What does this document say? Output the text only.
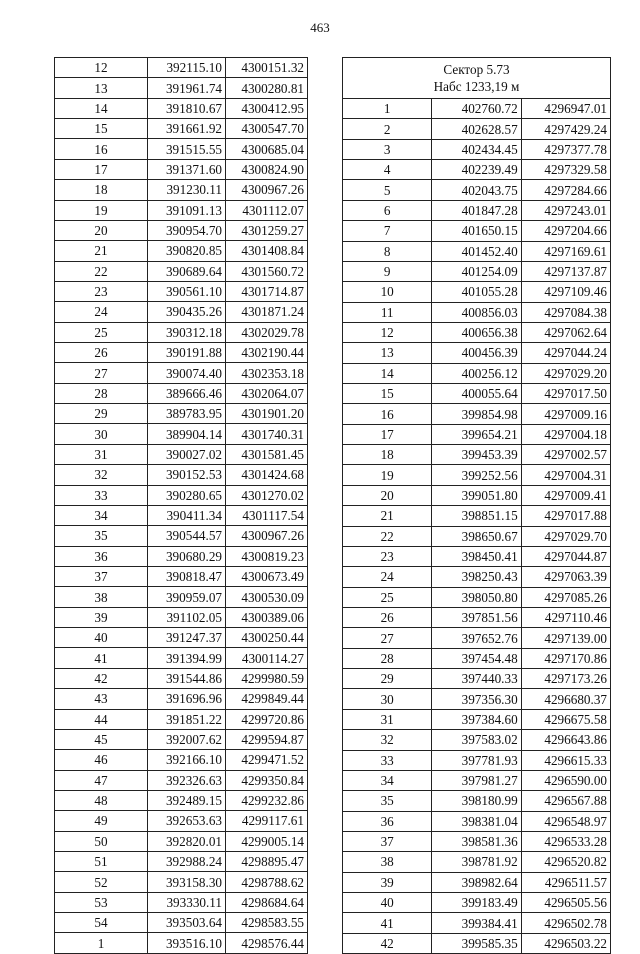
463
12	392115.10	4300151.32
13	391961.74	4300280.81
14	391810.67	4300412.95
15	391661.92	4300547.70
16	391515.55	4300685.04
17	391371.60	4300824.90
18	391230.11	4300967.26
19	391091.13	4301112.07
20	390954.70	4301259.27
21	390820.85	4301408.84
22	390689.64	4301560.72
23	390561.10	4301714.87
24	390435.26	4301871.24
25	390312.18	4302029.78
26	390191.88	4302190.44
27	390074.40	4302353.18
28	389666.46	4302064.07
29	389783.95	4301901.20
30	389904.14	4301740.31
31	390027.02	4301581.45
32	390152.53	4301424.68
33	390280.65	4301270.02
34	390411.34	4301117.54
35	390544.57	4300967.26
36	390680.29	4300819.23
37	390818.47	4300673.49
38	390959.07	4300530.09
39	391102.05	4300389.06
40	391247.37	4300250.44
41	391394.99	4300114.27
42	391544.86	4299980.59
43	391696.96	4299849.44
44	391851.22	4299720.86
45	392007.62	4299594.87
46	392166.10	4299471.52
47	392326.63	4299350.84
48	392489.15	4299232.86
49	392653.63	4299117.61
50	392820.01	4299005.14
51	392988.24	4298895.47
52	393158.30	4298788.62
53	393330.11	4298684.64
54	393503.64	4298583.55
1	393516.10	4298576.44
Сектор 5.73
Набс 1233,19 м		

1	402760.72	4296947.01
2	402628.57	4297429.24
3	402434.45	4297377.78
4	402239.49	4297329.58
5	402043.75	4297284.66
6	401847.28	4297243.01
7	401650.15	4297204.66
8	401452.40	4297169.61
9	401254.09	4297137.87
10	401055.28	4297109.46
11	400856.03	4297084.38
12	400656.38	4297062.64
13	400456.39	4297044.24
14	400256.12	4297029.20
15	400055.64	4297017.50
16	399854.98	4297009.16
17	399654.21	4297004.18
18	399453.39	4297002.57
19	399252.56	4297004.31
20	399051.80	4297009.41
21	398851.15	4297017.88
22	398650.67	4297029.70
23	398450.41	4297044.87
24	398250.43	4297063.39
25	398050.80	4297085.26
26	397851.56	4297110.46
27	397652.76	4297139.00
28	397454.48	4297170.86
29	397440.33	4297173.26
30	397356.30	4296680.37
31	397384.60	4296675.58
32	397583.02	4296643.86
33	397781.93	4296615.33
34	397981.27	4296590.00
35	398180.99	4296567.88
36	398381.04	4296548.97
37	398581.36	4296533.28
38	398781.92	4296520.82
39	398982.64	4296511.57
40	399183.49	4296505.56
41	399384.41	4296502.78
42	399585.35	4296503.22
